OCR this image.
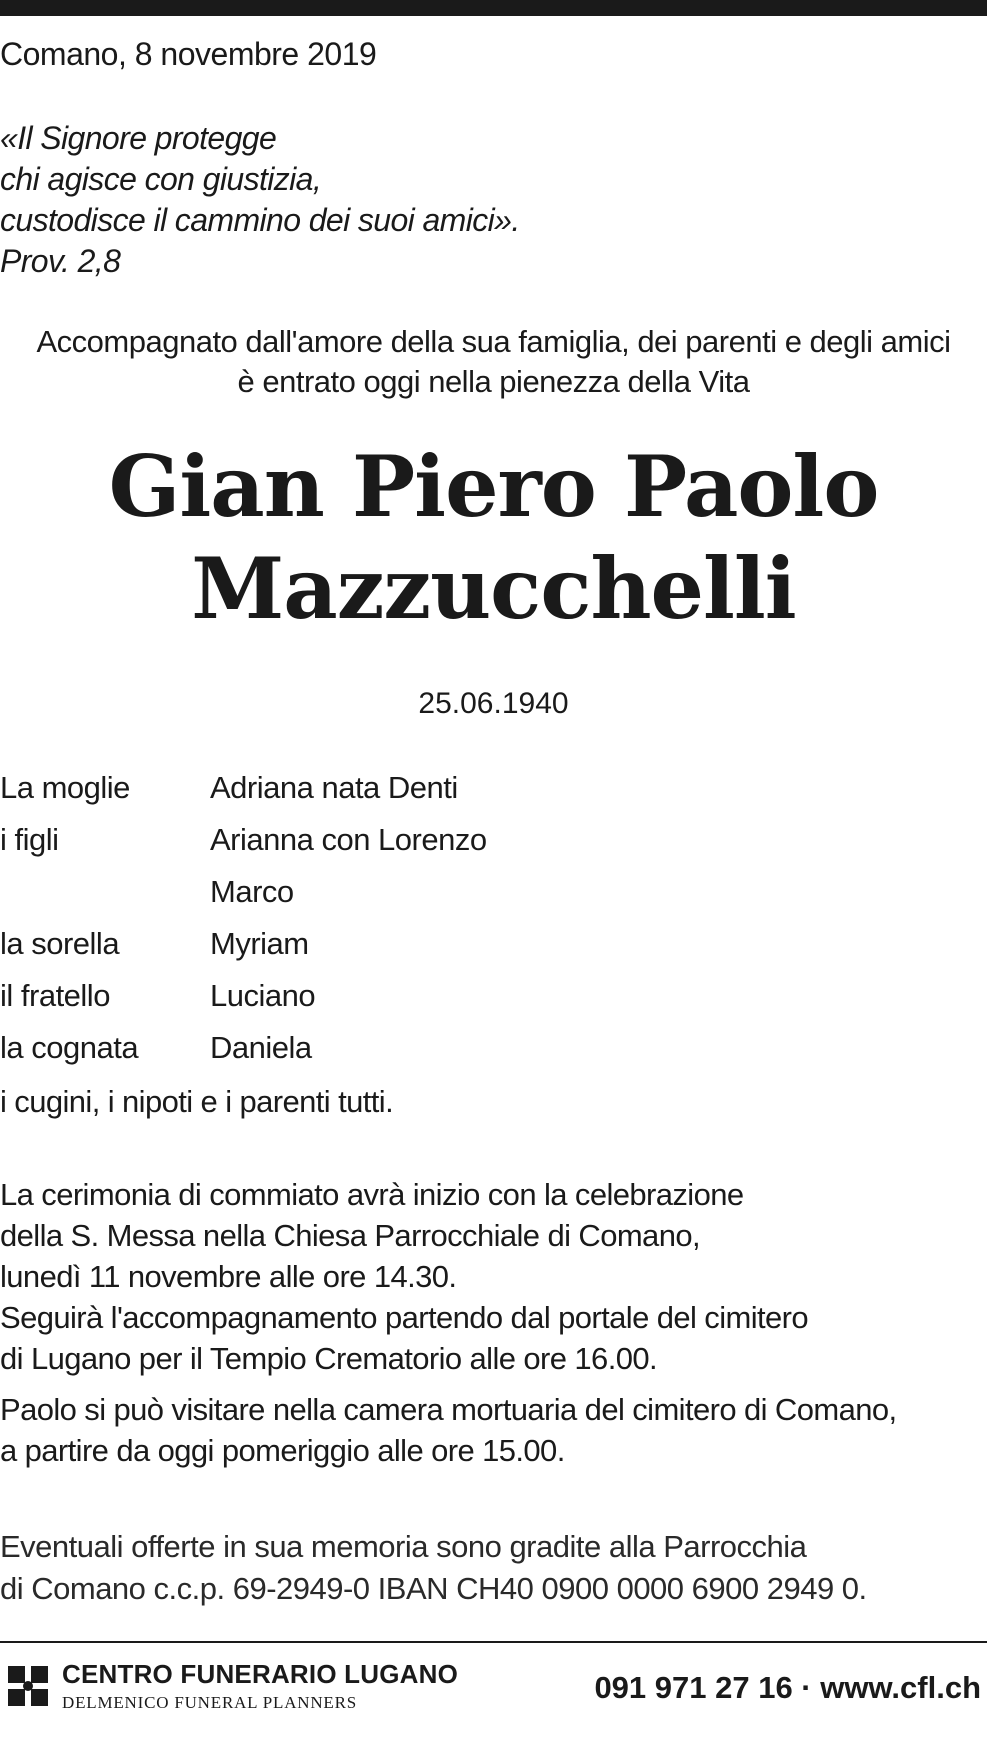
Comano, 8 novembre 2019
«Il Signore protegge
chi agisce con giustizia,
custodisce il cammino dei suoi amici».
Prov. 2,8
Accompagnato dall'amore della sua famiglia, dei parenti e degli amici
è entrato oggi nella pienezza della Vita
Gian Piero Paolo
Mazzucchelli
25.06.1940
La moglie	Adriana nata Denti
i figli	Arianna con Lorenzo
Marco
la sorella	Myriam
il fratello	Luciano
la cognata Daniela
i cugini, i nipoti e i parenti tutti.
La cerimonia di commiato avrà inizio con la celebrazione
della S. Messa nella Chiesa Parrocchiale di Comano,
lunedì 11 novembre alle ore 14.30.
Seguirà l'accompagnamento partendo dal portale del cimitero
di Lugano per il Tempio Crematorio alle ore 16.00.
Paolo si può visitare nella camera mortuaria del cimitero di Comano,
a partire da oggi pomeriggio alle ore 15.00.
Eventuali offerte in sua memoria sono gradite alla Parrocchia
di Comano c.c.p. 69-2949-0 IBAN CH40 0900 0000 6900 2949 0.
CENTRO FUNERARIO LUGANO
DELMENICO FUNERAL PLANNERS	091 971 27 16 · www.cfl.ch
